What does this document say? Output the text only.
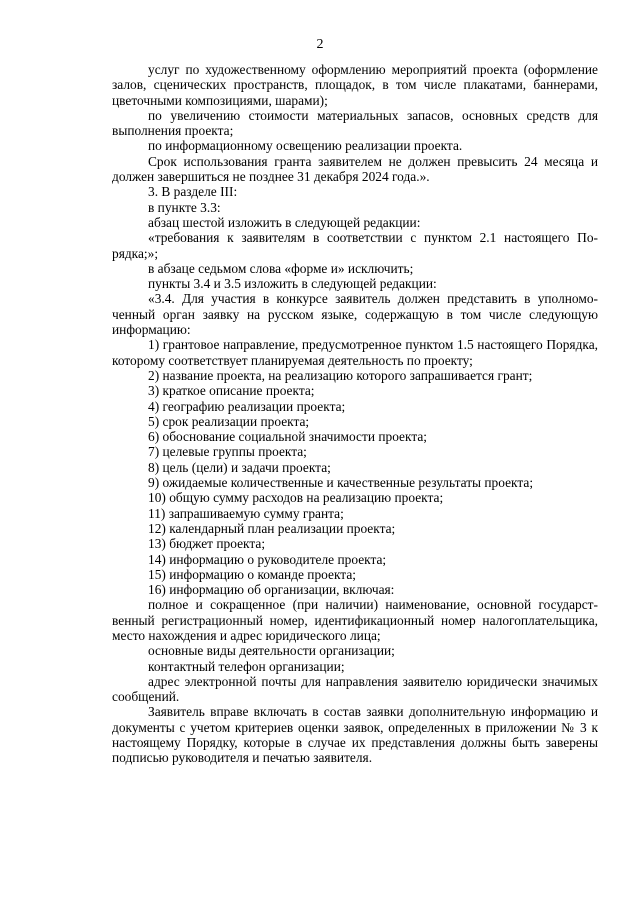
2

услуг по художественному оформлению мероприятий проекта (оформление залов, сценических пространств, площадок, в том числе плакатами, баннерами, цветочными композициями, шарами);

по увеличению стоимости материальных запасов, основных средств для выполнения проекта;

по информационному освещению реализации проекта.

Срок использования гранта заявителем не должен превысить 24 месяца и должен завершиться не позднее 31 декабря 2024 года.».

3. В разделе III:

в пункте 3.3:

абзац шестой изложить в следующей редакции:

«требования к заявителям в соответствии с пунктом 2.1 настоящего Порядка;»;

в абзаце седьмом слова «форме и» исключить;

пункты 3.4 и 3.5 изложить в следующей редакции:

«3.4. Для участия в конкурсе заявитель должен представить в уполномоченный орган заявку на русском языке, содержащую в том числе следующую информацию:

1) грантовое направление, предусмотренное пунктом 1.5 настоящего Порядка, которому соответствует планируемая деятельность по проекту;

2) название проекта, на реализацию которого запрашивается грант;

3) краткое описание проекта;

4) географию реализации проекта;

5) срок реализации проекта;

6) обоснование социальной значимости проекта;

7) целевые группы проекта;

8) цель (цели) и задачи проекта;

9) ожидаемые количественные и качественные результаты проекта;

10) общую сумму расходов на реализацию проекта;

11) запрашиваемую сумму гранта;

12) календарный план реализации проекта;

13) бюджет проекта;

14) информацию о руководителе проекта;

15) информацию о команде проекта;

16) информацию об организации, включая:

полное и сокращенное (при наличии) наименование, основной государственный регистрационный номер, идентификационный номер налогоплательщика, место нахождения и адрес юридического лица;

основные виды деятельности организации;

контактный телефон организации;

адрес электронной почты для направления заявителю юридически значимых сообщений.

Заявитель вправе включать в состав заявки дополнительную информацию и документы с учетом критериев оценки заявок, определенных в приложении № 3 к настоящему Порядку, которые в случае их представления должны быть заверены подписью руководителя и печатью заявителя.
